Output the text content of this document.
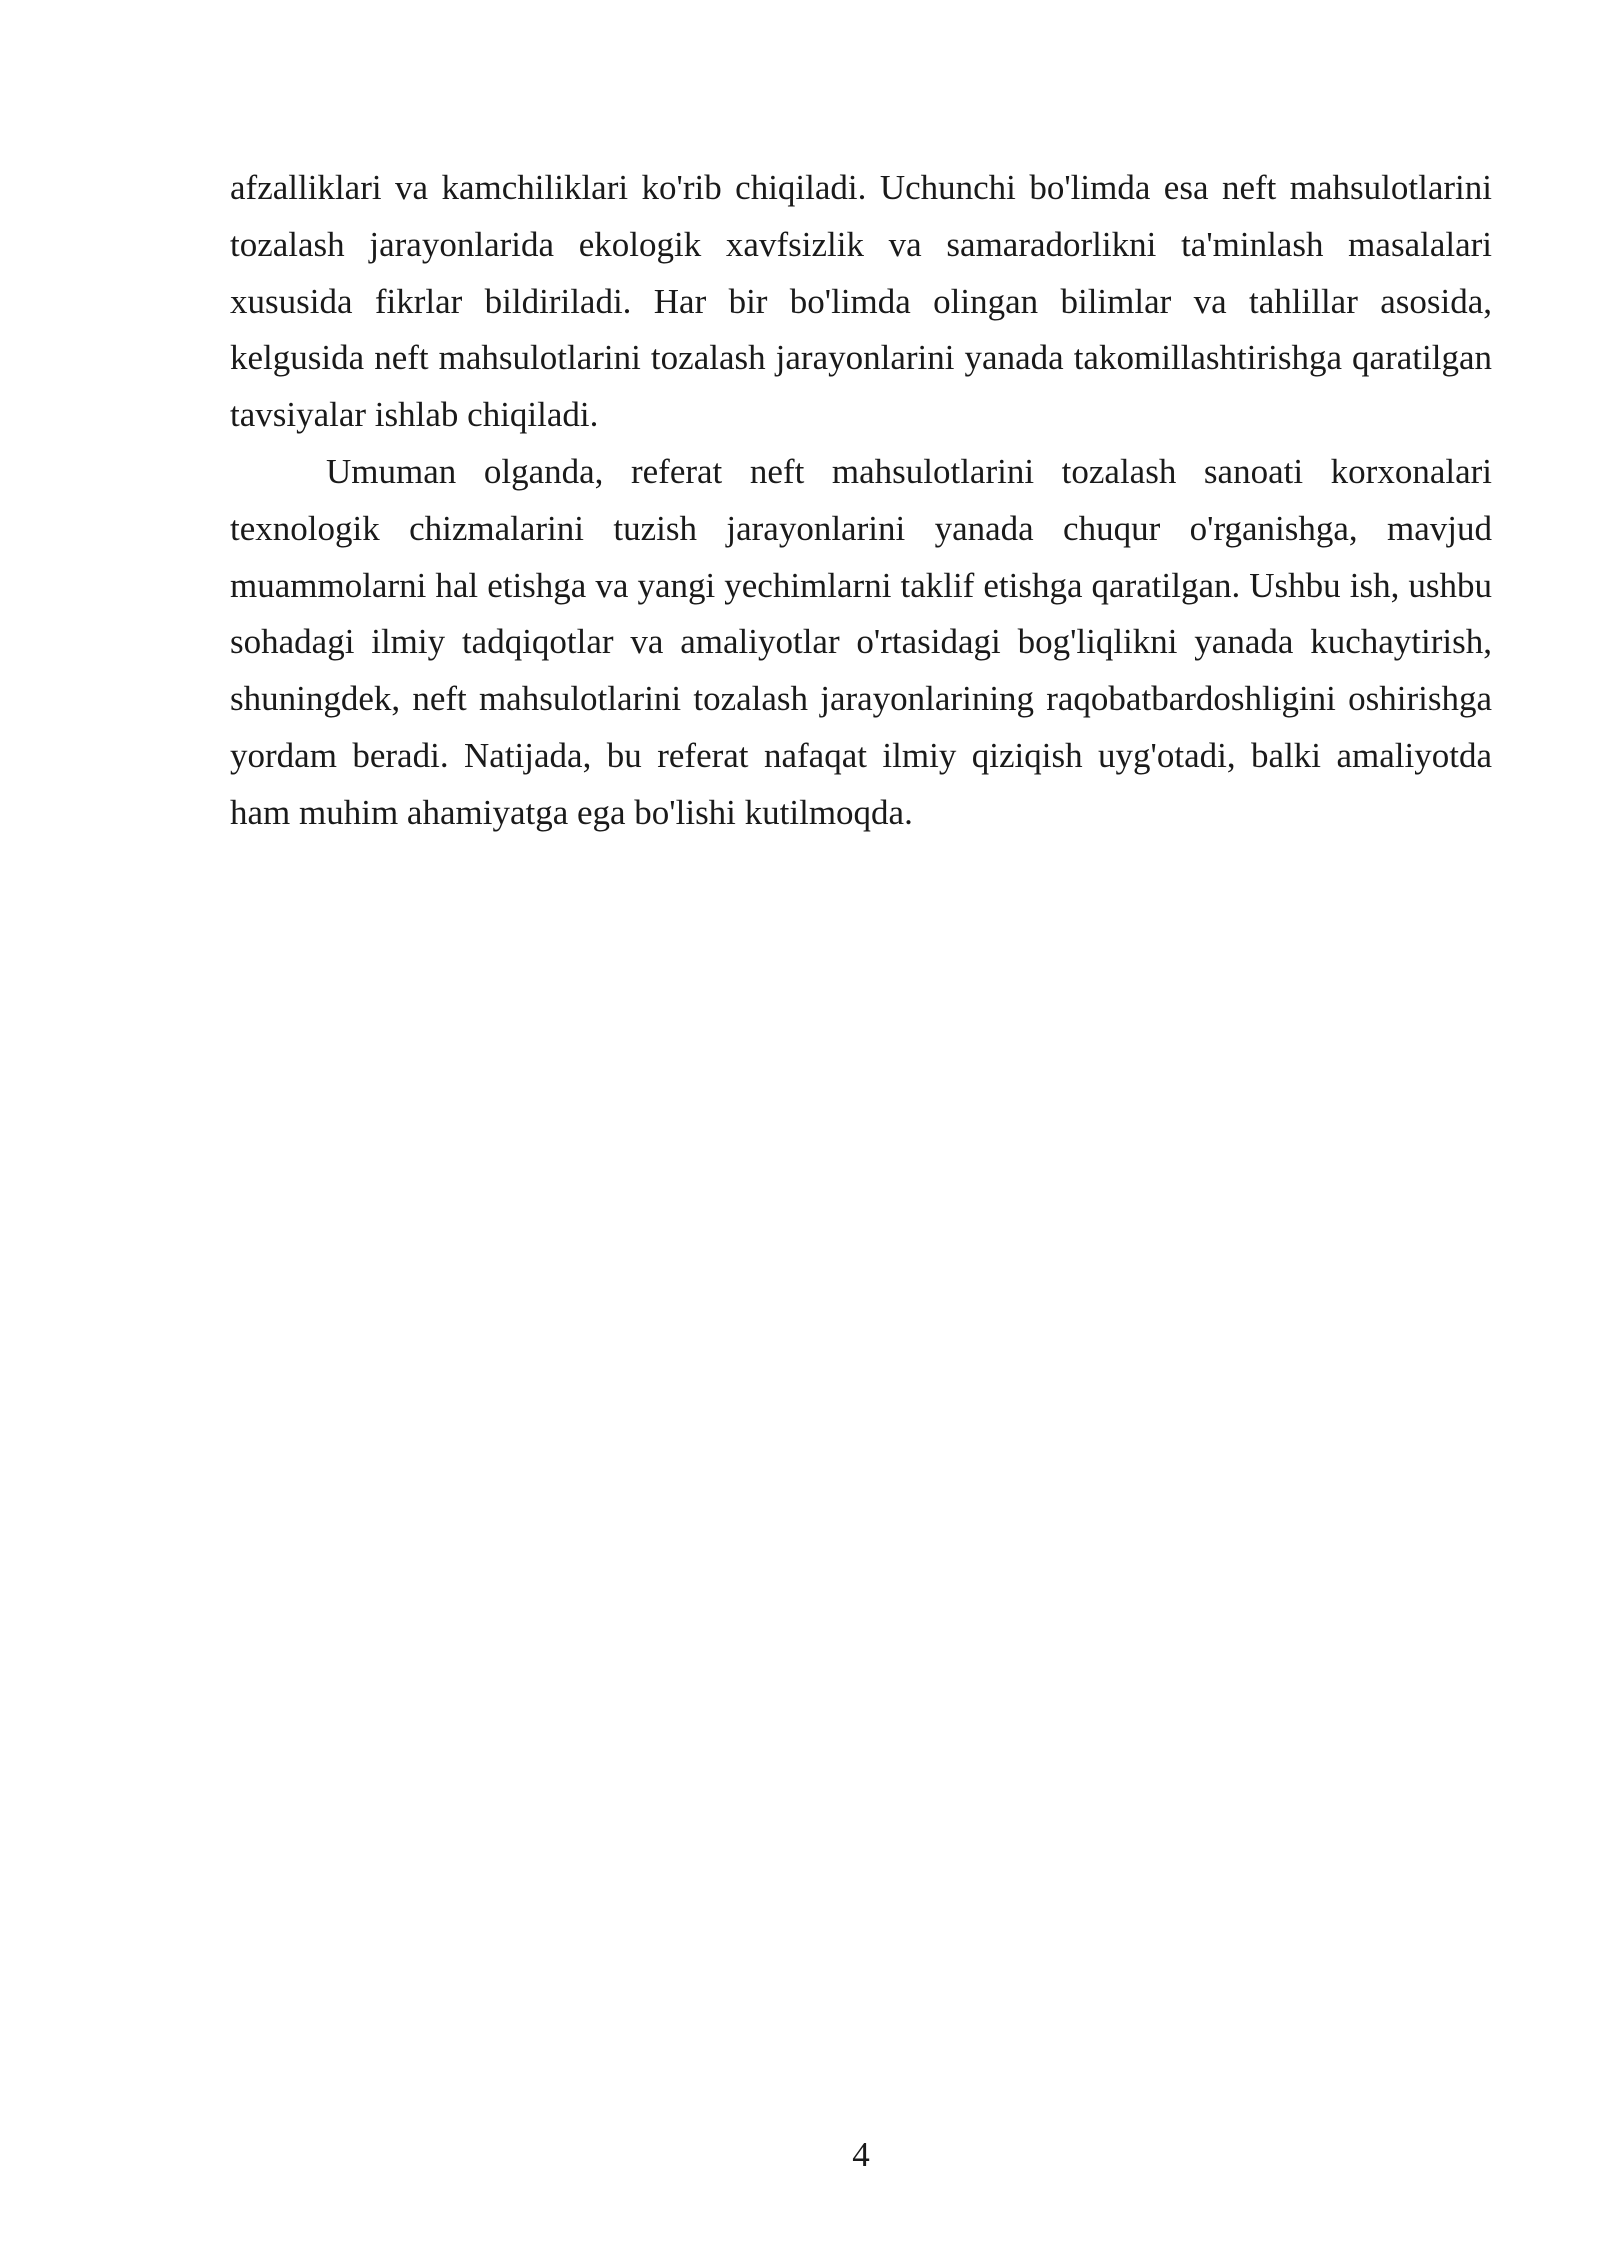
afzalliklari va kamchiliklari ko'rib chiqiladi. Uchunchi bo'limda esa neft mahsulotlarini tozalash jarayonlarida ekologik xavfsizlik va samaradorlikni ta'minlash masalalari xususida fikrlar bildiriladi. Har bir bo'limda olingan bilimlar va tahlillar asosida, kelgusida neft mahsulotlarini tozalash jarayonlarini yanada takomillashtirishga qaratilgan tavsiyalar ishlab chiqiladi.

Umuman olganda, referat neft mahsulotlarini tozalash sanoati korxonalari texnologik chizmalarini tuzish jarayonlarini yanada chuqur o'rganishga, mavjud muammolarni hal etishga va yangi yechimlarni taklif etishga qaratilgan. Ushbu ish, ushbu sohadagi ilmiy tadqiqotlar va amaliyotlar o'rtasidagi bog'liqlikni yanada kuchaytirish, shuningdek, neft mahsulotlarini tozalash jarayonlarining raqobatbardoshligini oshirishga yordam beradi. Natijada, bu referat nafaqat ilmiy qiziqish uyg'otadi, balki amaliyotda ham muhim ahamiyatga ega bo'lishi kutilmoqda.

4
